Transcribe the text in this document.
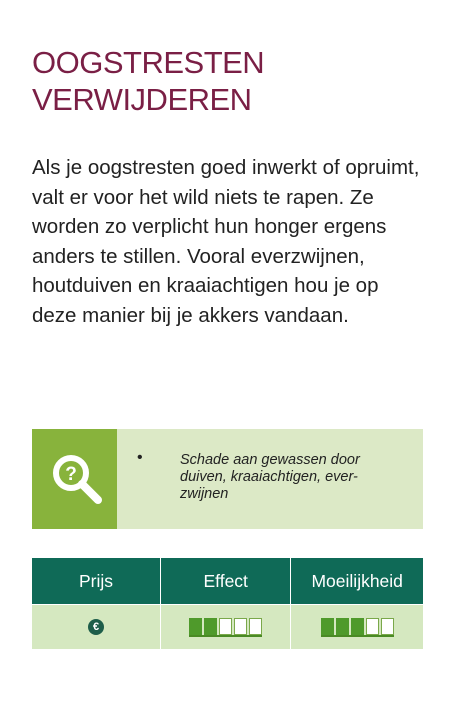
OOGSTRESTEN
VERWIJDEREN

Als je oogstresten goed inwerkt of opruimt, valt er voor het wild niets te rapen. Ze worden zo verplicht hun honger ergens anders te stillen. Vooral everzwijnen, houtduiven en kraaiachtigen hou je op deze manier bij je akkers vandaan.

?
•	Schade aan gewassen door duiven, kraaiachtigen, ever-zwijnen
Prijs	Effect	Moeilijkheid
€	
